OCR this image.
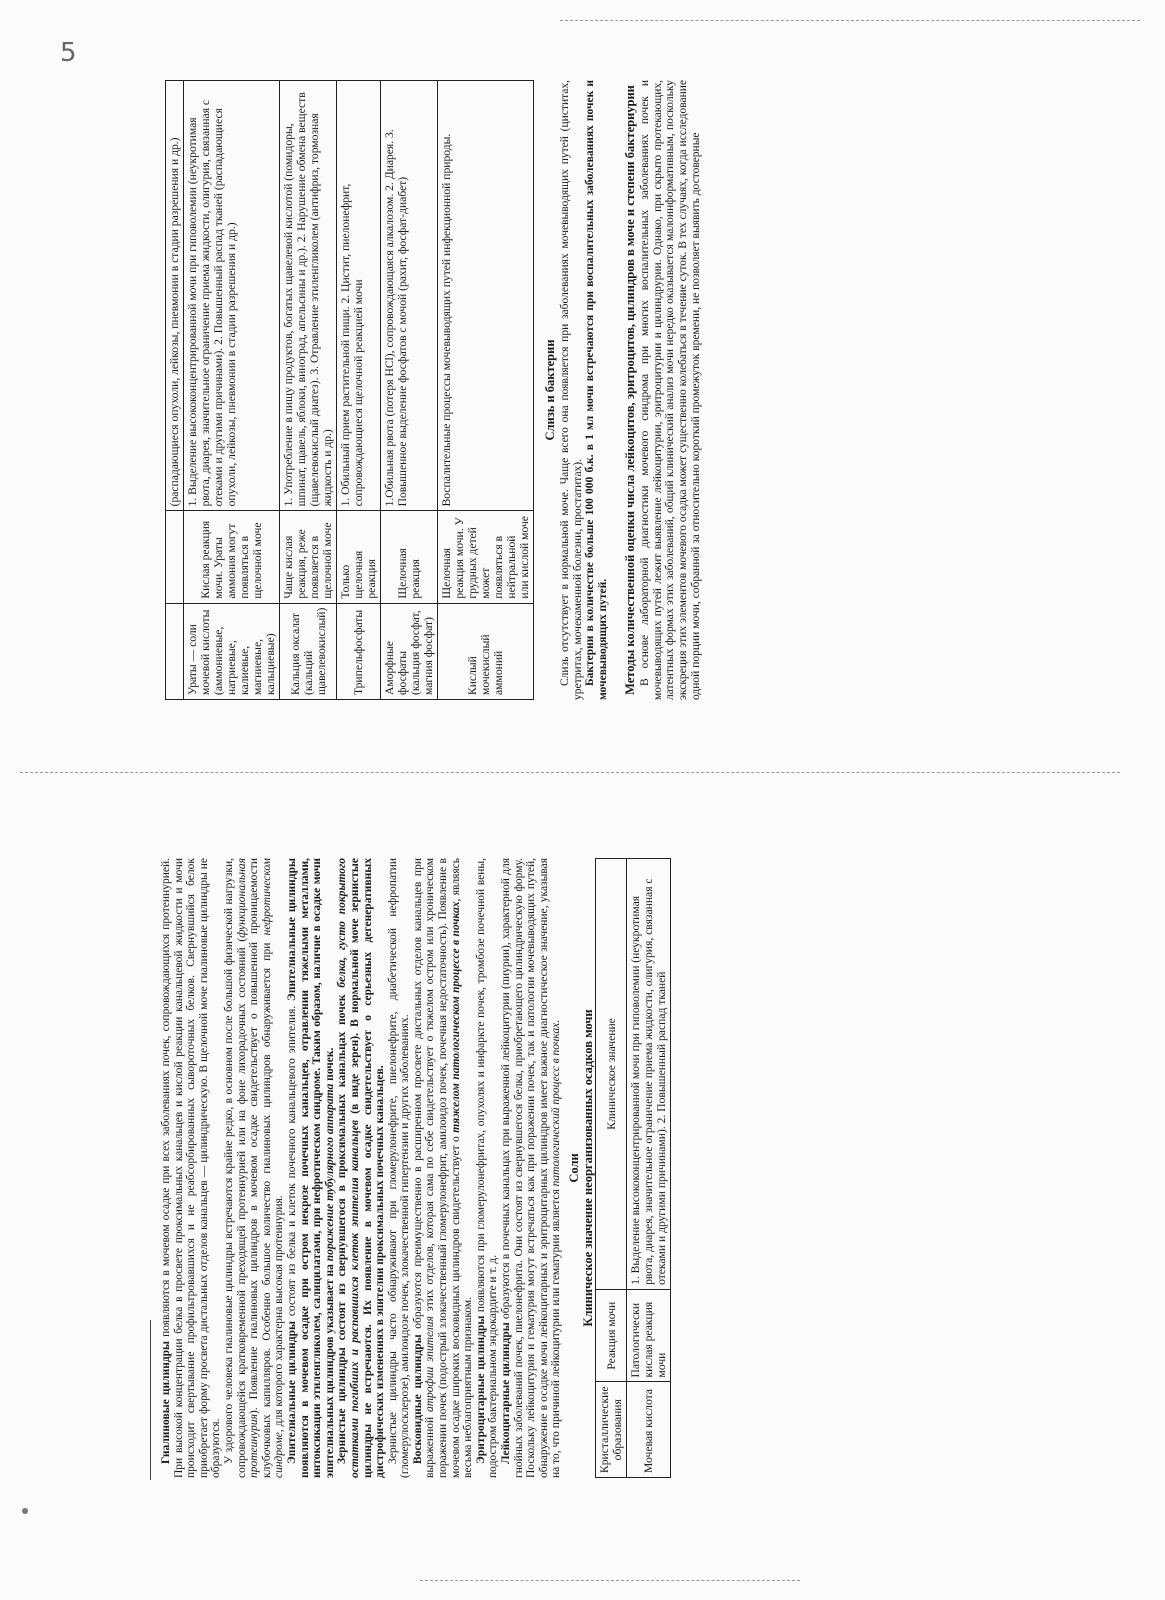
5

Гиалиновые цилиндры появляются в мочевом осадке при всех заболеваниях почек, сопровождающихся протеинурией. При высокой концентрации белка в просвете проксимальных канальцев и кислой реакции канальцевой жидкости и мочи происходит свертывание профильтровавшихся и не реабсорбированных сывороточных белков. Свернувшийся белок приобретает форму просвета дистальных отделов канальцев — цилиндрическую. В щелочной моче гиалиновые цилиндры не образуются. У здорового человека гиалиновые цилиндры встречаются крайне редко, в основном после большой физической нагрузки, сопровождающейся кратковременной преходящей протеинурией или на фоне лихорадочных состояний (функциональная протеинурия). Появление гиалиновых цилиндров в мочевом осадке свидетельствует о повышенной проницаемости клубочковых капилляров. Особенно большое количество гиалиновых цилиндров обнаруживается при нефротическом синдроме, для которого характерна высокая протеинурия. Эпителиальные цилиндры состоят из белка и клеток почечного канальцевого эпителия. Эпителиальные цилиндры появляются в мочевом осадке при остром некрозе почечных канальцев, отравлении тяжелыми металлами, интоксикации этиленгликолем, салицилатами, при нефротическом синдроме. Таким образом, наличие в осадке мочи эпителиальных цилиндров указывает на поражение тубулярного аппарата почек. Зернистые цилиндры состоят из свернувшегося в проксимальных канальцах почек белка, густо покрытого остатками погибших и распавшихся клеток эпителия канальцев (в виде зерен). В нормальной моче зернистые цилиндры не встречаются. Их появление в мочевом осадке свидетельствует о серьезных дегенеративных дистрофических изменениях в эпителии проксимальных почечных канальцев. Зернистые цилиндры часто обнаруживают при гломерулонефрите, пиелонефрите, диабетической нефропатии (гломерулосклерозе), амилоидозе почек, злокачественной гипертензии и других заболеваниях. Восковидные цилиндры образуются преимущественно в расширенном просвете дистальных отделов канальцев при выраженной атрофии эпителия этих отделов, которая сама по себе свидетельствует о тяжелом остром или хроническом поражении почек (подострый злокачественный гломерулонефрит, амилоидоз почек, почечная недостаточность). Появление в мочевом осадке широких восковидных цилиндров свидетельствует о тяжелом патологическом процессе в почках, являясь весьма неблагоприятным признаком. Эритроцитарные цилиндры появляются при гломерулонефритах, опухолях и инфаркте почек, тромбозе почечной вены, подостром бактериальном эндокардите и т. д. Лейкоцитарные цилиндры образуются в почечных канальцах при выраженной лейкоцитурии (пиурии), характерной для гнойных заболеваний почек, пиелонефрита. Они состоят из свернувшегося белка, приобретающего цилиндрическую форму. Поскольку лейкоцитурия и гематурия могут встречаться как при поражении почек, так и патологии мочевыводящих путей, обнаружение в осадке мочи лейкоцитарных и эритроцитарных цилиндров имеет важное диагностическое значение, указывая на то, что причиной лейкоцитурии или гематурии является патологический процесс в почках.

Соли Клиническое значение неорганизованных осадков мочи
Кристаллические образования	Реакция мочи	Клиническое значение
Мочевая кислота	Патологически кислая реакция мочи	1. Выделение высококонцентрированной мочи при гиповолемии (неукротимая рвота, диарея, значительное ограничение приема жидкости, олигурия, связанная с отеками и другими причинами). 2. Повышенный распад тканей
		(распадающиеся опухоли, лейкозы, пневмонии в стадии разрешения и др.)
Ураты — соли мочевой кислоты (аммониевые, натриевые, калиевые, магниевые, кальциевые)	Кислая реакция мочи. Ураты аммония могут появляться в щелочной моче	1. Выделение высококонцентрированной мочи при гиповолемии (неукротимая рвота, диарея, значительное ограничение приема жидкости, олигурия, связанная с отеками и другими причинами). 2. Повышенный распад тканей (распадающиеся опухоли, лейкозы, пневмонии в стадии разрешения и др.)
Кальция оксалат (кальций щавелевокислый)	Чаще кислая реакция, реже появляется в щелочной моче	1. Употребление в пищу продуктов, богатых щавелевой кислотой (помидоры, шпинат, щавель, яблоки, виноград, апельсины и др.). 2. Нарушение обмена веществ (щавелевокислый диатез). 3. Отравление этиленгликолем (антифриз, тормозная жидкость и др.)
Трипельфосфаты	Только щелочная реакция	1. Обильный прием растительной пищи. 2. Цистит, пиелонефрит, сопровождающиеся щелочной реакцией мочи
Аморфные фосфаты (кальция фосфат, магния фосфат)	Щелочная реакция	1.Обильная рвота (потеря HCl), сопровождающаяся алкалозом. 2. Диарея. 3. Повышенное выделение фосфатов с мочой (рахит, фосфат-диабет)
Кислый мочекислый аммоний	Щелочная реакция мочи. У грудных детей может появляться в нейтральной или кислой моче	Воспалительные процессы мочевыводящих путей инфекционной природы.	Слизь и бактерии Слизь отсутствует в нормальной моче. Чаще всего она появляется при заболеваниях мочевыводящих путей (циститах, уретритах, мочекаменной болезни, простатитах). Бактерии в количестве больше 100 000 б.к. в 1 мл мочи встречаются при воспалительных заболеваниях почек и мочевыводящих путей. Методы количественной оценки числа лейкоцитов, эритроцитов, цилиндров в моче и степени бактериурии В основе лабораторной диагностики мочевого синдрома при многих воспалительных заболеваниях почек и мочевыводящих путей лежит выявление лейкоцитурии, эритроцитурии и цилиндрурии. Однако, при скрыто протекающих, латентных формах этих заболеваний, общий клинический анализ мочи нередко оказывается малоинформативным, поскольку экскреция этих элементов мочевого осадка может существенно колебаться в течение суток. В тех случаях, когда исследование одной порции мочи, собранной за относительно короткий промежуток времени, не позволяет выявить достоверные
